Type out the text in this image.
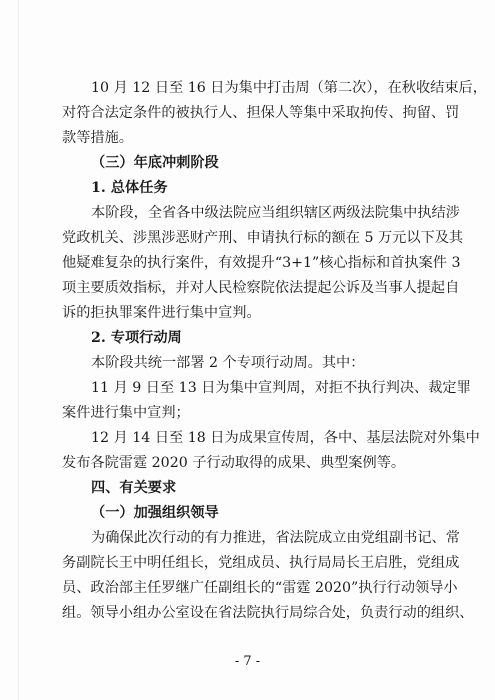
10 月 12 日至 16 日为集中打击周（第二次），在秋收结束后，
对符合法定条件的被执行人、担保人等集中采取拘传、拘留、罚
款等措施。
（三）年底冲刺阶段
1. 总体任务
本阶段，全省各中级法院应当组织辖区两级法院集中执结涉
党政机关、涉黑涉恶财产刑、申请执行标的额在 5 万元以下及其
他疑难复杂的执行案件，有效提升“3+1”核心指标和首执案件 3
项主要质效指标，并对人民检察院依法提起公诉及当事人提起自
诉的拒执罪案件进行集中宣判。
2. 专项行动周
本阶段共统一部署 2 个专项行动周。其中：
11 月 9 日至 13 日为集中宣判周，对拒不执行判决、裁定罪
案件进行集中宣判；
12 月 14 日至 18 日为成果宣传周，各中、基层法院对外集中
发布各院雷霆 2020 子行动取得的成果、典型案例等。
四、有关要求
（一）加强组织领导
为确保此次行动的有力推进，省法院成立由党组副书记、常
务副院长王中明任组长，党组成员、执行局局长王启胜，党组成
员、政治部主任罗继广任副组长的“雷霆 2020”执行行动领导小
组。领导小组办公室设在省法院执行局综合处，负责行动的组织、
- 7 -
